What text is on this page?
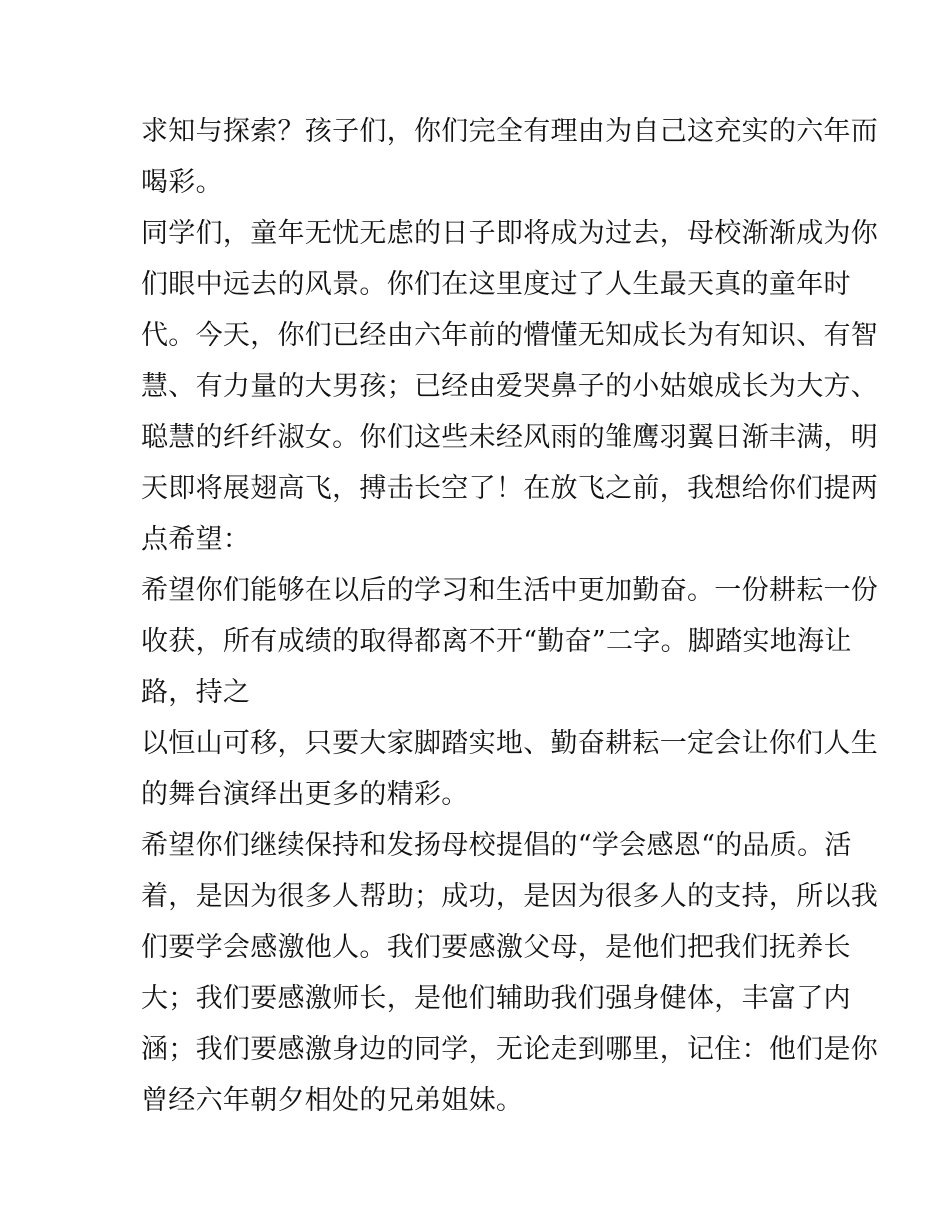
求知与探索？孩子们，你们完全有理由为自己这充实的六年而
喝彩。
同学们，童年无忧无虑的日子即将成为过去，母校渐渐成为你
们眼中远去的风景。你们在这里度过了人生最天真的童年时
代。今天，你们已经由六年前的懵懂无知成长为有知识、有智
慧、有力量的大男孩；已经由爱哭鼻子的小姑娘成长为大方、
聪慧的纤纤淑女。你们这些未经风雨的雏鹰羽翼日渐丰满，明
天即将展翅高飞，搏击长空了！在放飞之前，我想给你们提两
点希望：
希望你们能够在以后的学习和生活中更加勤奋。一份耕耘一份
收获，所有成绩的取得都离不开“勤奋”二字。脚踏实地海让
路，持之
以恒山可移，只要大家脚踏实地、勤奋耕耘一定会让你们人生
的舞台演绎出更多的精彩。
希望你们继续保持和发扬母校提倡的“学会感恩“的品质。活
着，是因为很多人帮助；成功，是因为很多人的支持，所以我
们要学会感激他人。我们要感激父母，是他们把我们抚养长
大；我们要感激师长，是他们辅助我们强身健体，丰富了内
涵；我们要感激身边的同学，无论走到哪里，记住：他们是你
曾经六年朝夕相处的兄弟姐妹。
